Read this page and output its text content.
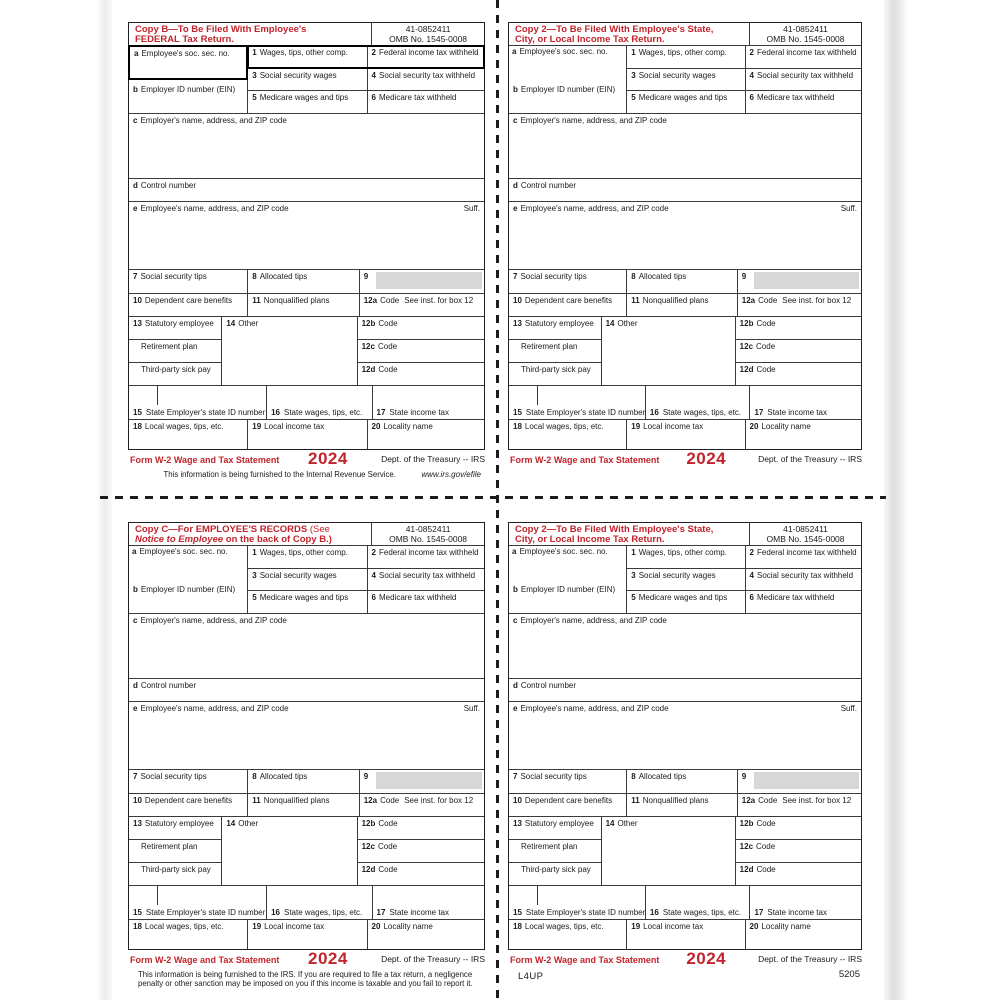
Copy B—To Be Filed With Employee's
FEDERAL Tax Return.
41-0852411
OMB No. 1545-0008
a Employee's soc. sec. no.
b Employer ID number (EIN)
1 Wages, tips, other comp.	2 Federal income tax withheld
3 Social security wages	4 Social security tax withheld
5 Medicare wages and tips	6 Medicare tax withheld
c Employer's name, address, and ZIP code
d Control number
e Employee's name, address, and ZIP code	Suff.
7 Social security tips	8 Allocated tips	9
10 Dependent care benefits	11 Nonqualified plans	12a Code See inst. for box 12
13 Statutory employee
Retirement plan
Third-party sick pay
14 Other	12b Code
12c Code
12d Code
15 State Employer's state ID number 16 State wages, tips, etc. 17 State income tax
18 Local wages, tips, etc.	19 Local income tax	20 Locality name
Form W-2 Wage and Tax Statement 2024	Dept. of the Treasury -- IRS
This information is being furnished to the Internal Revenue Service.	www.irs.gov/efile
Copy 2—To Be Filed With Employee's State,
City, or Local Income Tax Return.
41-0852411
OMB No. 1545-0008
a Employee's soc. sec. no.
b Employer ID number (EIN)
1 Wages, tips, other comp.	2 Federal income tax withheld
3 Social security wages	4 Social security tax withheld
5 Medicare wages and tips	6 Medicare tax withheld
c Employer's name, address, and ZIP code
d Control number
e Employee's name, address, and ZIP code	Suff.
7 Social security tips	8 Allocated tips	9
10 Dependent care benefits	11 Nonqualified plans	12a Code See inst. for box 12
13 Statutory employee
Retirement plan
Third-party sick pay
14 Other	12b Code
12c Code
12d Code
15 State Employer's state ID number 16 State wages, tips, etc. 17 State income tax
18 Local wages, tips, etc.	19 Local income tax	20 Locality name
Form W-2 Wage and Tax Statement 2024	Dept. of the Treasury -- IRS
Copy C—For EMPLOYEE'S RECORDS (See
Notice to Employee on the back of Copy B.)
41-0852411
OMB No. 1545-0008
a Employee's soc. sec. no.
b Employer ID number (EIN)
1 Wages, tips, other comp.	2 Federal income tax withheld
3 Social security wages	4 Social security tax withheld
5 Medicare wages and tips	6 Medicare tax withheld
c Employer's name, address, and ZIP code
d Control number
e Employee's name, address, and ZIP code	Suff.
7 Social security tips	8 Allocated tips	9
10 Dependent care benefits	11 Nonqualified plans	12a Code See inst. for box 12
13 Statutory employee
Retirement plan
Third-party sick pay
14 Other	12b Code
12c Code
12d Code
15 State Employer's state ID number 16 State wages, tips, etc. 17 State income tax
18 Local wages, tips, etc.	19 Local income tax	20 Locality name
Form W-2 Wage and Tax Statement 2024	Dept. of the Treasury -- IRS
This information is being furnished to the IRS. If you are required to file a tax return, a negligence penalty or other sanction may be imposed on you if this income is taxable and you fail to report it.
Copy 2—To Be Filed With Employee's State,
City, or Local Income Tax Return.
41-0852411
OMB No. 1545-0008
a Employee's soc. sec. no.
b Employer ID number (EIN)
1 Wages, tips, other comp.	2 Federal income tax withheld
3 Social security wages	4 Social security tax withheld
5 Medicare wages and tips	6 Medicare tax withheld
c Employer's name, address, and ZIP code
d Control number
e Employee's name, address, and ZIP code	Suff.
7 Social security tips	8 Allocated tips	9
10 Dependent care benefits	11 Nonqualified plans	12a Code See inst. for box 12
13 Statutory employee
Retirement plan
Third-party sick pay
14 Other	12b Code
12c Code
12d Code
15 State Employer's state ID number 16 State wages, tips, etc. 17 State income tax
18 Local wages, tips, etc.	19 Local income tax	20 Locality name
Form W-2 Wage and Tax Statement 2024	Dept. of the Treasury -- IRS
L4UP	5205
